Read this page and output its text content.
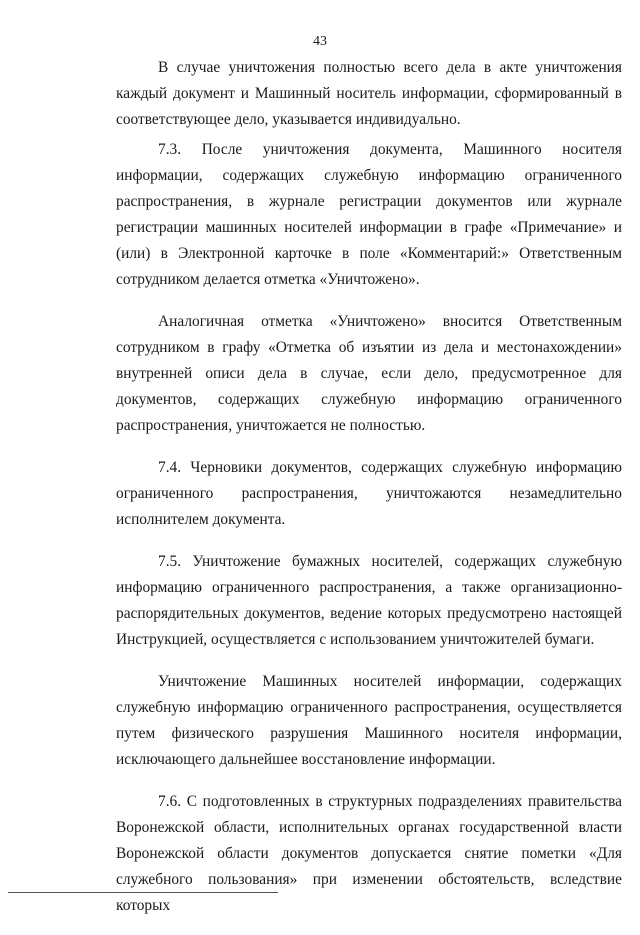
43

В случае уничтожения полностью всего дела в акте уничтожения каждый документ и Машинный носитель информации, сформированный в соответствующее дело, указывается индивидуально.

7.3. После уничтожения документа, Машинного носителя информации, содержащих служебную информацию ограниченного распространения, в журнале регистрации документов или журнале регистрации машинных носителей информации в графе «Примечание» и (или) в Электронной карточке в поле «Комментарий:» Ответственным сотрудником делается отметка «Уничтожено».

Аналогичная отметка «Уничтожено» вносится Ответственным сотрудником в графу «Отметка об изъятии из дела и местонахождении» внутренней описи дела в случае, если дело, предусмотренное для документов, содержащих служебную информацию ограниченного распространения, уничтожается не полностью.

7.4. Черновики документов, содержащих служебную информацию ограниченного распространения, уничтожаются незамедлительно исполнителем документа.

7.5. Уничтожение бумажных носителей, содержащих служебную информацию ограниченного распространения, а также организационно-распорядительных документов, ведение которых предусмотрено настоящей Инструкцией, осуществляется с использованием уничтожителей бумаги.

Уничтожение Машинных носителей информации, содержащих служебную информацию ограниченного распространения, осуществляется путем физического разрушения Машинного носителя информации, исключающего дальнейшее восстановление информации.

7.6. С подготовленных в структурных подразделениях правительства Воронежской области, исполнительных органах государственной власти Воронежской области документов допускается снятие пометки «Для служебного пользования» при изменении обстоятельств, вследствие которых
